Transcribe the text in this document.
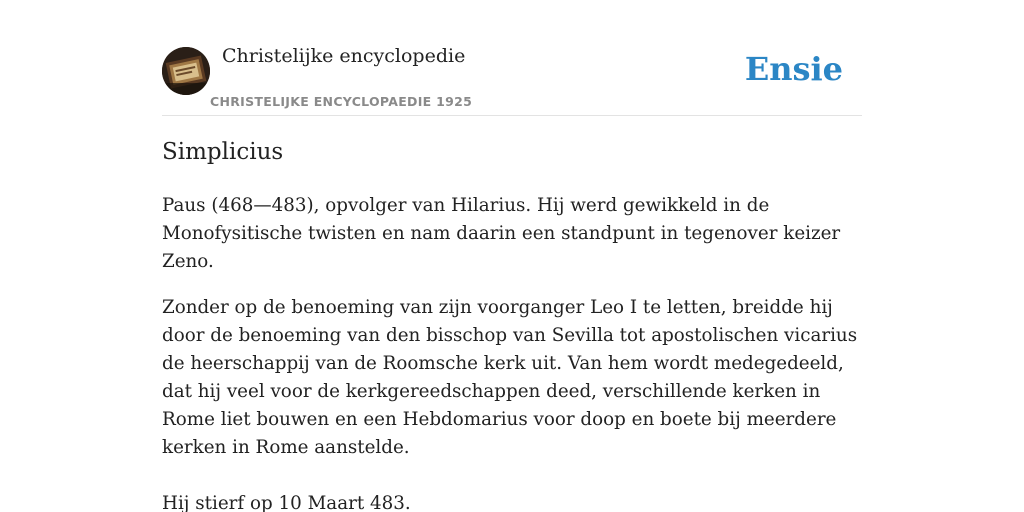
Christelijke encyclopedie
CHRISTELIJKE ENCYCLOPAEDIE 1925
Ensie
Simplicius

Paus (468—483), opvolger van Hilarius. Hij werd gewikkeld in de Monofysitische twisten en nam daarin een standpunt in tegenover keizer Zeno.

Zonder op de benoeming van zijn voorganger Leo I te letten, breidde hij door de benoeming van den bisschop van Sevilla tot apostolischen vicarius de heerschappij van de Roomsche kerk uit. Van hem wordt medegedeeld, dat hij veel voor de kerkgereedschappen deed, verschillende kerken in Rome liet bouwen en een Hebdomarius voor doop en boete bij meerdere kerken in Rome aanstelde.

Hij stierf op 10 Maart 483.
